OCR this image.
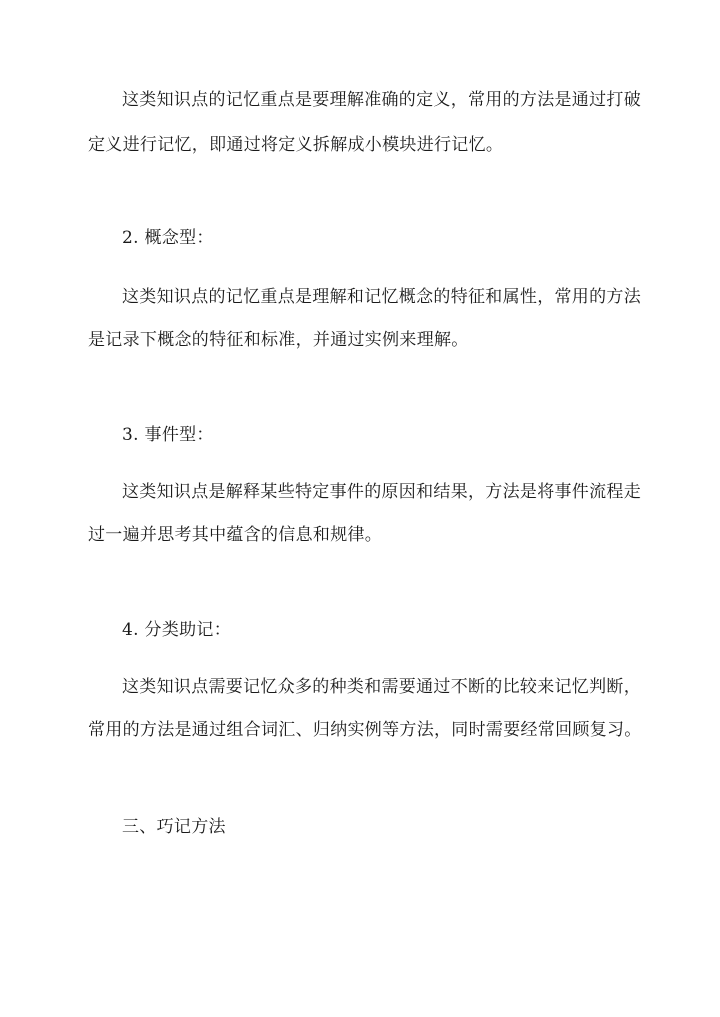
这类知识点的记忆重点是要理解准确的定义，常用的方法是通过打破
定义进行记忆，即通过将定义拆解成小模块进行记忆。
2. 概念型：
这类知识点的记忆重点是理解和记忆概念的特征和属性，常用的方法
是记录下概念的特征和标准，并通过实例来理解。
3. 事件型：
这类知识点是解释某些特定事件的原因和结果，方法是将事件流程走
过一遍并思考其中蕴含的信息和规律。
4. 分类助记：
这类知识点需要记忆众多的种类和需要通过不断的比较来记忆判断，
常用的方法是通过组合词汇、归纳实例等方法，同时需要经常回顾复习。
三、巧记方法
